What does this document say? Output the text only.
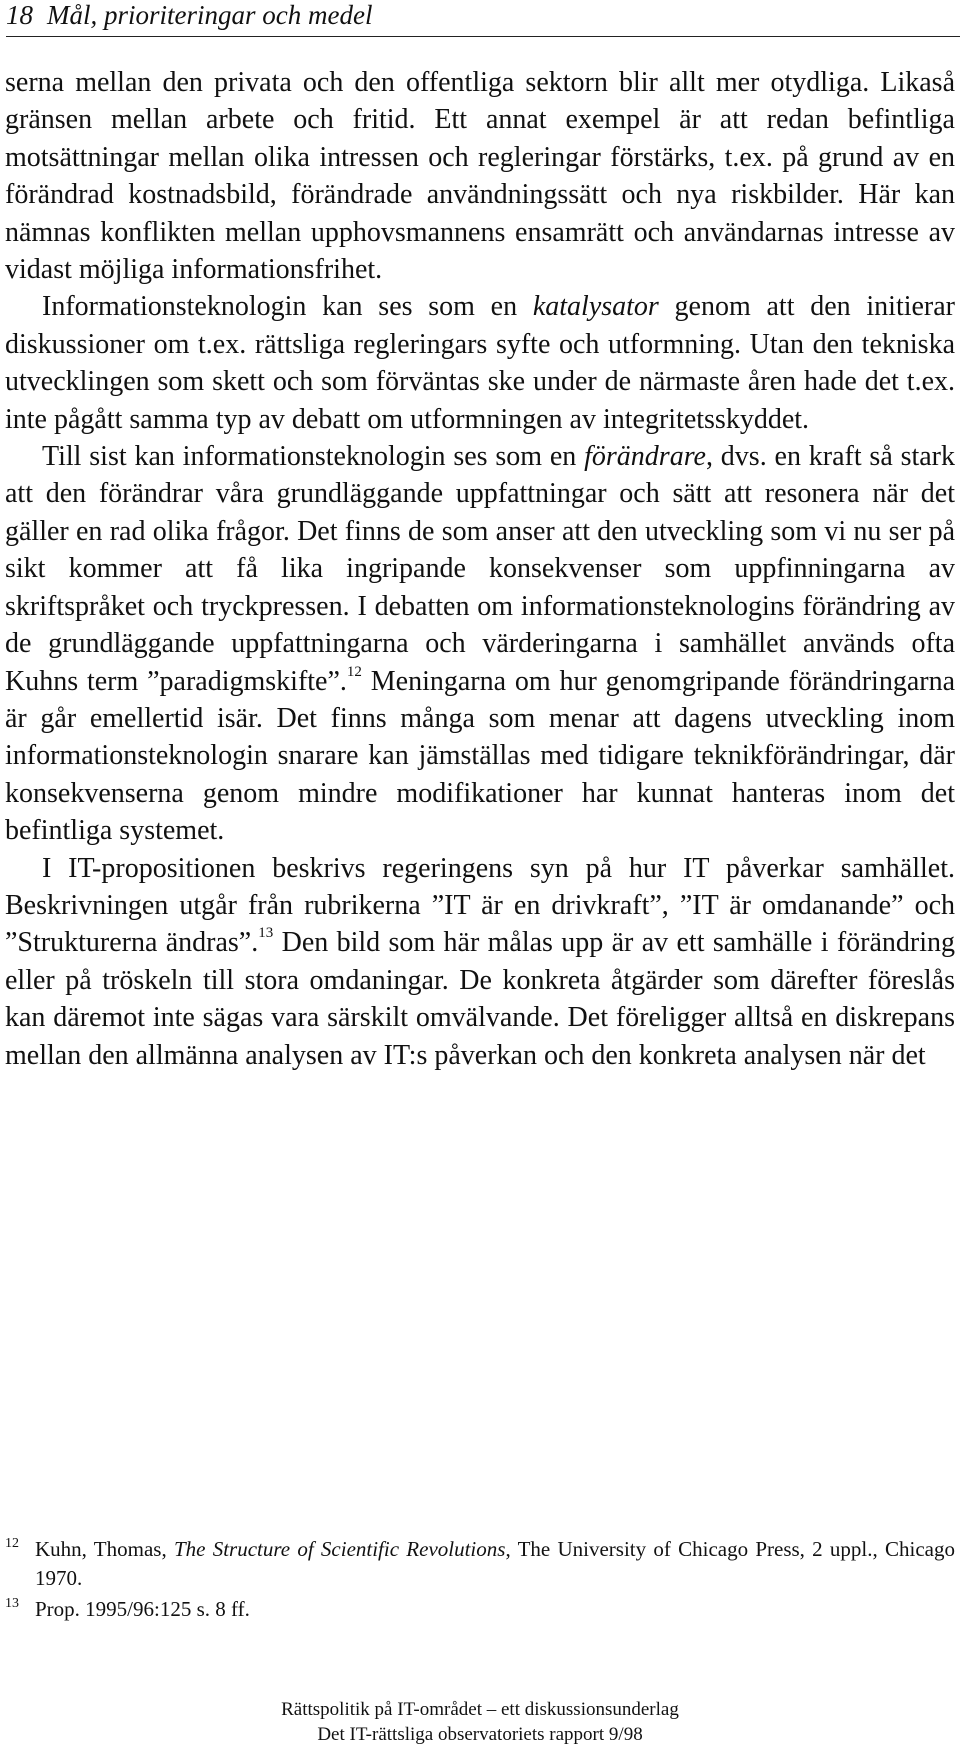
18 Mål, prioriteringar och medel

serna mellan den privata och den offentliga sektorn blir allt mer otydliga. Likaså gränsen mellan arbete och fritid. Ett annat exempel är att redan befintliga motsättningar mellan olika intressen och regleringar förstärks, t.ex. på grund av en förändrad kostnadsbild, förändrade användningssätt och nya riskbilder. Här kan nämnas konflikten mellan upphovsmannens ensamrätt och användarnas intresse av vidast möjliga informationsfrihet.

Informationsteknologin kan ses som en katalysator genom att den initierar diskussioner om t.ex. rättsliga regleringars syfte och utformning. Utan den tekniska utvecklingen som skett och som förväntas ske under de närmaste åren hade det t.ex. inte pågått samma typ av debatt om utformningen av integritetsskyddet.

Till sist kan informationsteknologin ses som en förändrare, dvs. en kraft så stark att den förändrar våra grundläggande uppfattningar och sätt att resonera när det gäller en rad olika frågor. Det finns de som anser att den utveckling som vi nu ser på sikt kommer att få lika ingripande konsekvenser som uppfinningarna av skriftspråket och tryckpressen. I debatten om informationsteknologins förändring av de grundläggande uppfattningarna och värderingarna i samhället används ofta Kuhns term ”paradigmskifte”.$^{12}$ Meningarna om hur genomgripande förändringarna är går emellertid isär. Det finns många som menar att dagens utveckling inom informationsteknologin snarare kan jämställas med tidigare teknikförändringar, där konsekvenserna genom mindre modifikationer har kunnat hanteras inom det befintliga systemet.

I IT-propositionen beskrivs regeringens syn på hur IT påverkar samhället. Beskrivningen utgår från rubrikerna ”IT är en drivkraft”, ”IT är omdanande” och ”Strukturerna ändras”.$^{13}$ Den bild som här målas upp är av ett samhälle i förändring eller på tröskeln till stora omdaningar. De konkreta åtgärder som därefter föreslås kan däremot inte sägas vara särskilt omvälvande. Det föreligger alltså en diskrepans mellan den allmänna analysen av IT:s påverkan och den konkreta analysen när det

12 Kuhn, Thomas, The Structure of Scientific Revolutions, The University of Chicago Press, 2 uppl., Chicago 1970.
13 Prop. 1995/96:125 s. 8 ff.
Rättspolitik på IT-området – ett diskussionsunderlag
Det IT-rättsliga observatoriets rapport 9/98
